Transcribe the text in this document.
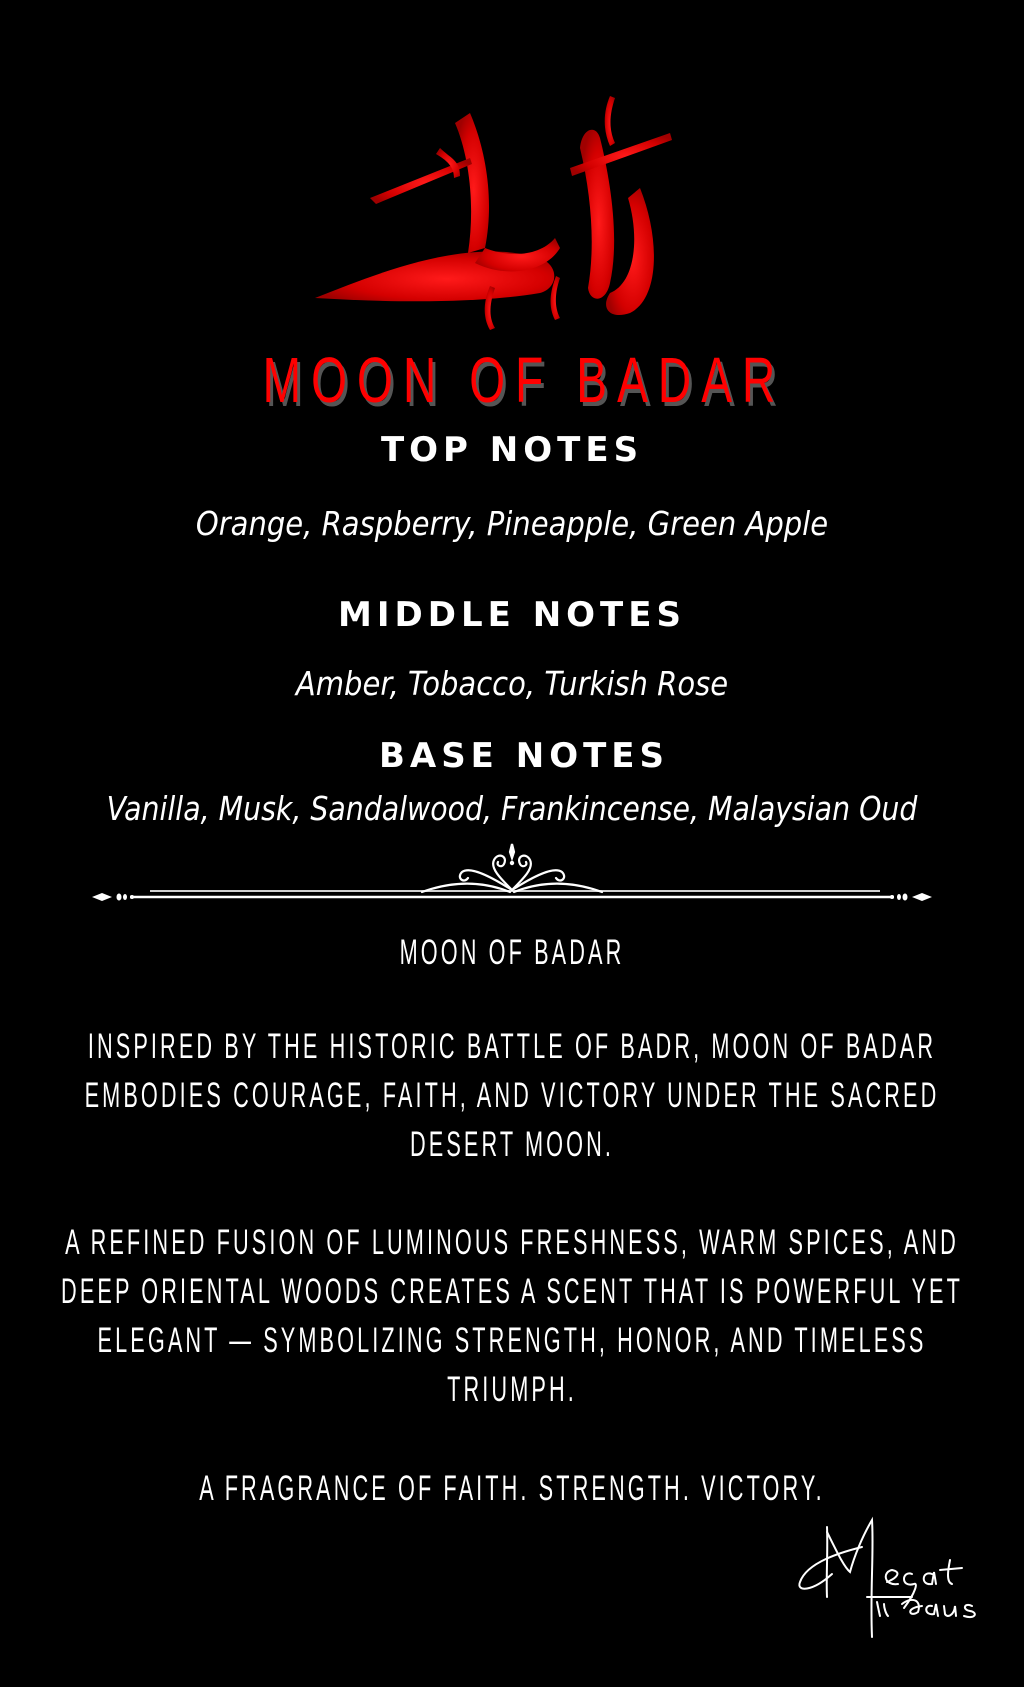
MOON OF BADAR
TOP NOTES
Orange, Raspberry, Pineapple, Green Apple
MIDDLE NOTES
Amber, Tobacco, Turkish Rose
BASE NOTES
Vanilla, Musk, Sandalwood, Frankincense, Malaysian Oud
MOON OF BADAR
INSPIRED BY THE HISTORIC BATTLE OF BADR, MOON OF BADAR
EMBODIES COURAGE, FAITH, AND VICTORY UNDER THE SACRED
DESERT MOON.
A REFINED FUSION OF LUMINOUS FRESHNESS, WARM SPICES, AND
DEEP ORIENTAL WOODS CREATES A SCENT THAT IS POWERFUL YET
ELEGANT — SYMBOLIZING STRENGTH, HONOR, AND TIMELESS
TRIUMPH.
A FRAGRANCE OF FAITH. STRENGTH. VICTORY.
